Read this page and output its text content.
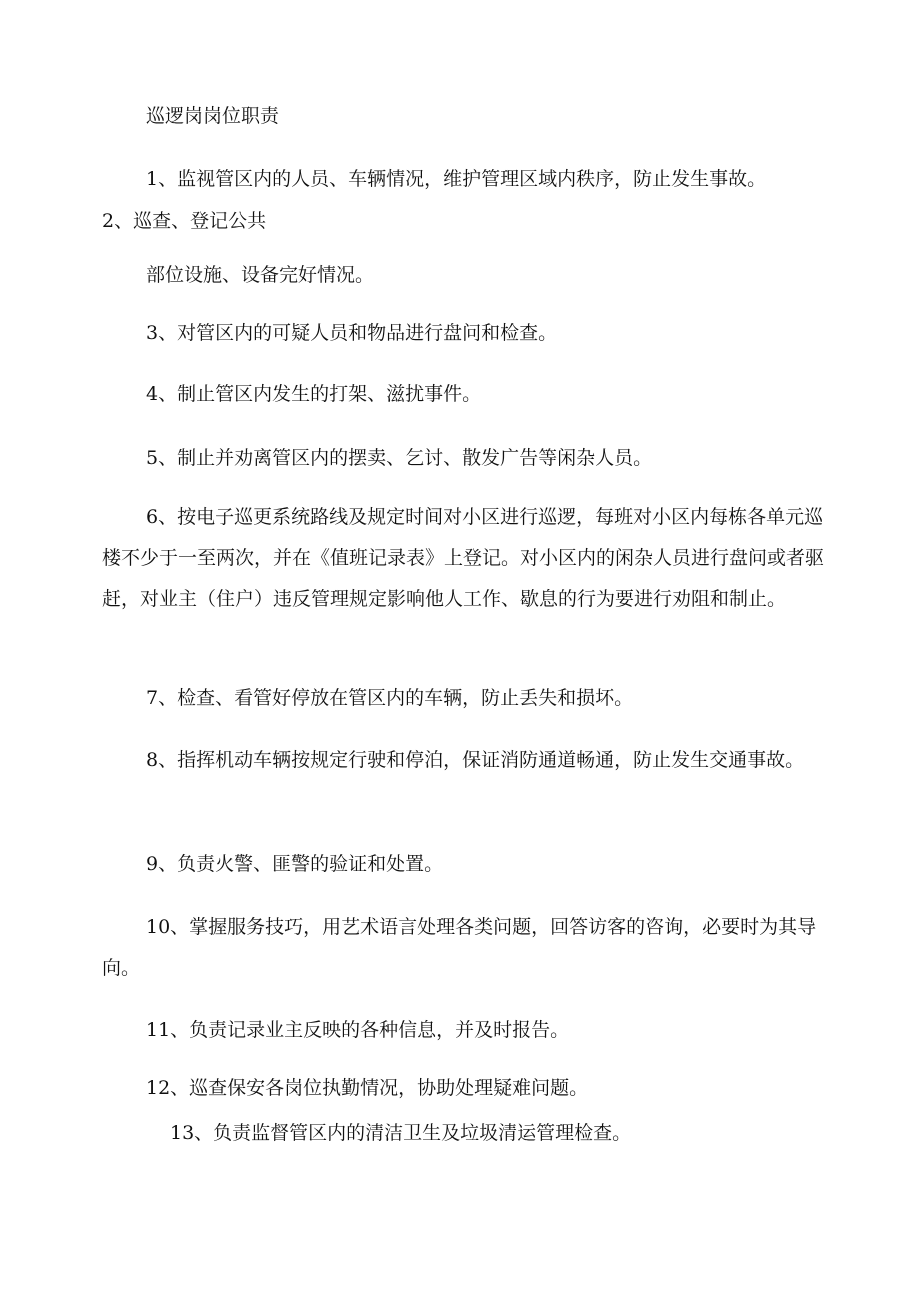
巡逻岗岗位职责

1、监视管区内的人员、车辆情况，维护管理区域内秩序，防止发生事故。

2、巡查、登记公共

部位设施、设备完好情况。

3、对管区内的可疑人员和物品进行盘问和检查。

4、制止管区内发生的打架、滋扰事件。

5、制止并劝离管区内的摆卖、乞讨、散发广告等闲杂人员。

6、按电子巡更系统路线及规定时间对小区进行巡逻，每班对小区内每栋各单元巡楼不少于一至两次，并在《值班记录表》上登记。对小区内的闲杂人员进行盘问或者驱赶，对业主（住户）违反管理规定影响他人工作、歇息的行为要进行劝阻和制止。

7、检查、看管好停放在管区内的车辆，防止丢失和损坏。

8、指挥机动车辆按规定行驶和停泊，保证消防通道畅通，防止发生交通事故。

9、负责火警、匪警的验证和处置。

10、掌握服务技巧，用艺术语言处理各类问题，回答访客的咨询，必要时为其导向。

11、负责记录业主反映的各种信息，并及时报告。

12、巡查保安各岗位执勤情况，协助处理疑难问题。

13、负责监督管区内的清洁卫生及垃圾清运管理检查。
